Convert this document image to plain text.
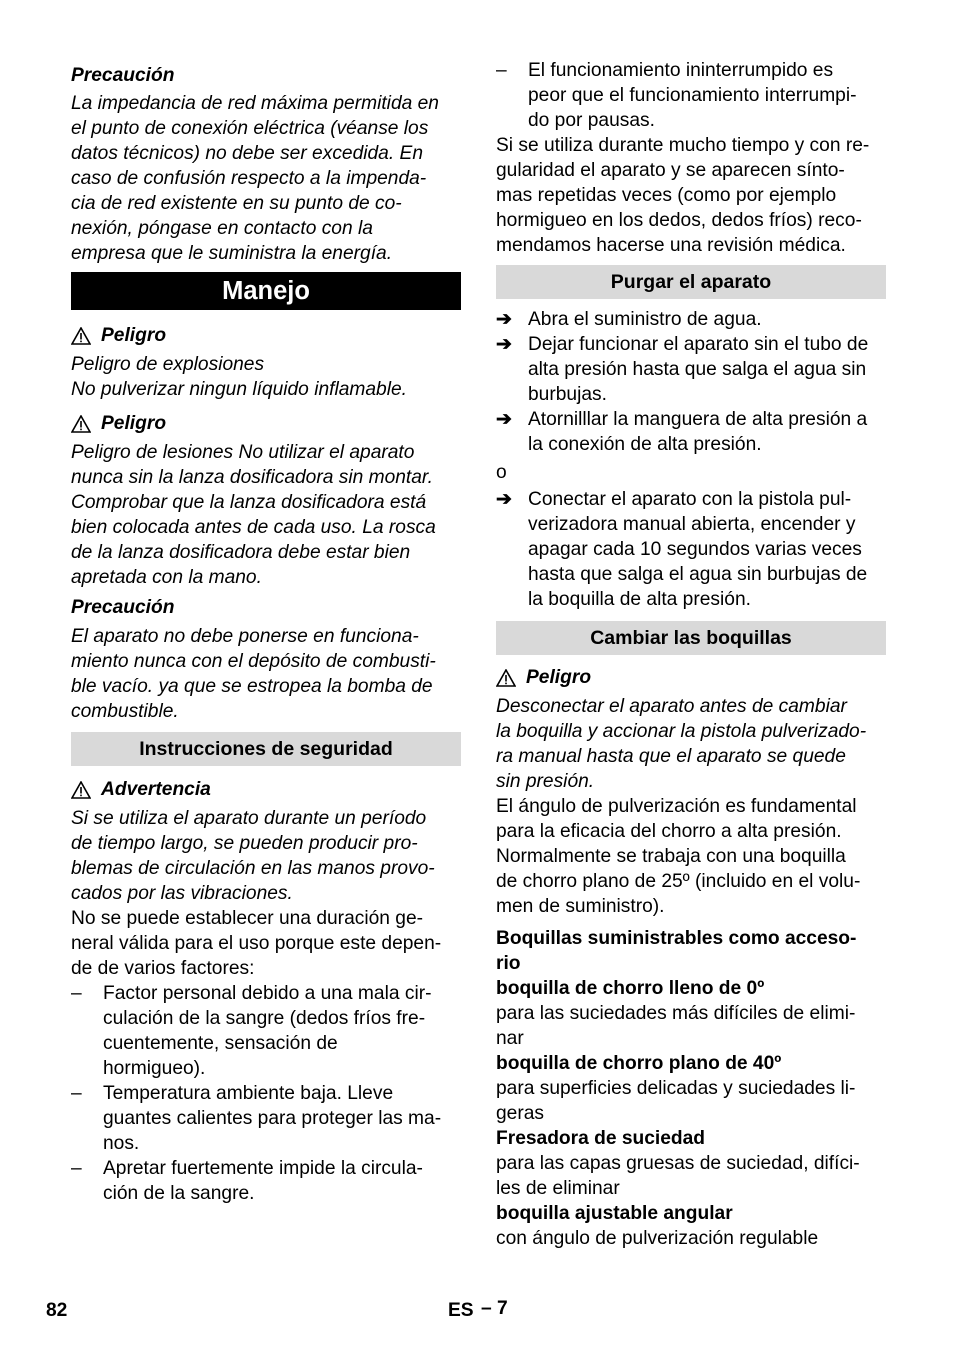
Precaución
La impedancia de red máxima permitida en
el punto de conexión eléctrica (véanse los
datos técnicos) no debe ser excedida. En
caso de confusión respecto a la impenda-
cia de red existente en su punto de co-
nexión, póngase en contacto con la
empresa que le suministra la energía.
Manejo
Peligro
Peligro de explosiones
No pulverizar ningun líquido inflamable.
Peligro
Peligro de lesiones No utilizar el aparato
nunca sin la lanza dosificadora sin montar.
Comprobar que la lanza dosificadora está
bien colocada antes de cada uso. La rosca
de la lanza dosificadora debe estar bien
apretada con la mano.
Precaución
El aparato no debe ponerse en funciona-
miento nunca con el depósito de combusti-
ble vacío. ya que se estropea la bomba de
combustible.
Instrucciones de seguridad
Advertencia
Si se utiliza el aparato durante un período
de tiempo largo, se pueden producir pro-
blemas de circulación en las manos provo-
cados por las vibraciones.
No se puede establecer una duración ge-
neral válida para el uso porque este depen-
de de varios factores:
–	Factor personal debido a una mala cir-
culación de la sangre (dedos fríos fre-
cuentemente, sensación de
hormigueo).
–	Temperatura ambiente baja. Lleve
guantes calientes para proteger las ma-
nos.
–	Apretar fuertemente impide la circula-
ción de la sangre.
–	El funcionamiento ininterrumpido es
peor que el funcionamiento interrumpi-
do por pausas.
Si se utiliza durante mucho tiempo y con re-
gularidad el aparato y se aparecen sínto-
mas repetidas veces (como por ejemplo
hormigueo en los dedos, dedos fríos) reco-
mendamos hacerse una revisión médica.
Purgar el aparato
➔ Abra el suministro de agua.
➔ Dejar funcionar el aparato sin el tubo de
alta presión hasta que salga el agua sin
burbujas.
➔ Atornilllar la manguera de alta presión a
la conexión de alta presión.
o
➔ Conectar el aparato con la pistola pul-
verizadora manual abierta, encender y
apagar cada 10 segundos varias veces
hasta que salga el agua sin burbujas de
la boquilla de alta presión.
Cambiar las boquillas
Peligro
Desconectar el aparato antes de cambiar
la boquilla y accionar la pistola pulverizado-
ra manual hasta que el aparato se quede
sin presión.
El ángulo de pulverización es fundamental
para la eficacia del chorro a alta presión.
Normalmente se trabaja con una boquilla
de chorro plano de 25º (incluido en el volu-
men de suministro).
Boquillas suministrables como acceso-
rio
boquilla de chorro lleno de 0º
para las suciedades más difíciles de elimi-
nar
boquilla de chorro plano de 40º
para superficies delicadas y suciedades li-
geras
Fresadora de suciedad
para las capas gruesas de suciedad, difíci-
les de eliminar
boquilla ajustable angular
con ángulo de pulverización regulable
82	ES – 7
